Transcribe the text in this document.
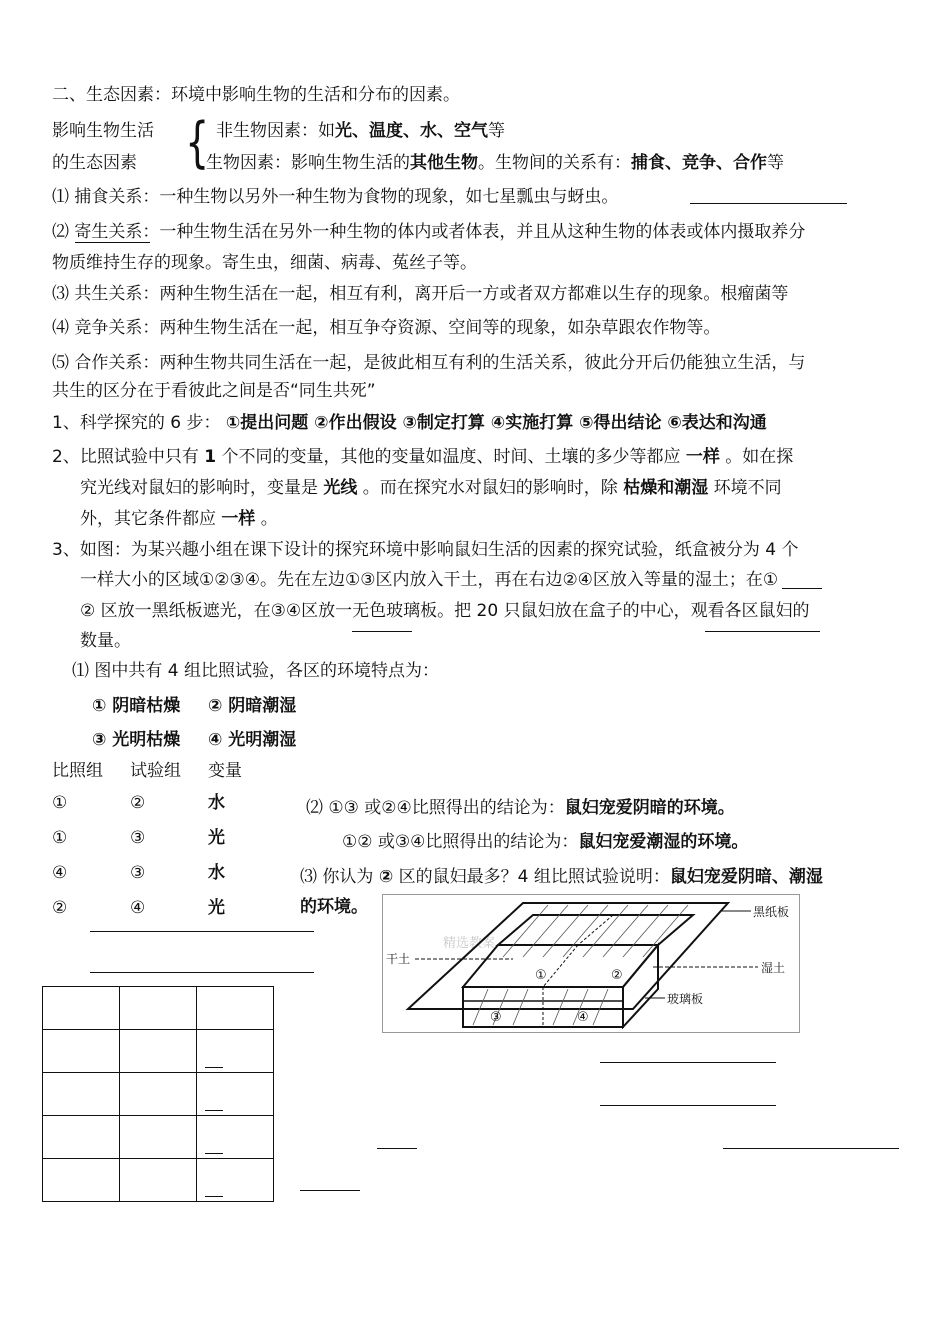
二、生态因素：环境中影响生物的生活和分布的因素。
影响生物生活
的生态因素 { 非生物因素：如光、温度、水、空气等
生物因素：影响生物生活的其他生物。生物间的关系有：捕食、竞争、合作等
⑴ 捕食关系：一种生物以另外一种生物为食物的现象，如七星瓢虫与蚜虫。
⑵ 寄生关系：一种生物生活在另外一种生物的体内或者体表，并且从这种生物的体表或体内摄取养分
物质维持生存的现象。寄生虫，细菌、病毒、菟丝子等。
⑶ 共生关系：两种生物生活在一起，相互有利，离开后一方或者双方都难以生存的现象。根瘤菌等
⑷ 竞争关系：两种生物生活在一起，相互争夺资源、空间等的现象，如杂草跟农作物等。
⑸ 合作关系：两种生物共同生活在一起，是彼此相互有利的生活关系，彼此分开后仍能独立生活，与
共生的区分在于看彼此之间是否“同生共死”
1、科学探究的 6 步： ①提出问题 ②作出假设 ③制定打算 ④实施打算 ⑤得出结论 ⑥表达和沟通
2、比照试验中只有 1 个不同的变量，其他的变量如温度、时间、土壤的多少等都应 一样 。如在探
究光线对鼠妇的影响时，变量是 光线 。而在探究水对鼠妇的影响时，除 枯燥和潮湿 环境不同
外，其它条件都应 一样 。
3、如图：为某兴趣小组在课下设计的探究环境中影响鼠妇生活的因素的探究试验，纸盒被分为 4 个
一样大小的区域①②③④。先在左边①③区内放入干土，再在右边②④区放入等量的湿土；在①
② 区放一黑纸板遮光，在③④区放一无色玻璃板。把 20 只鼠妇放在盒子的中心，观看各区鼠妇的
数量。
⑴ 图中共有 4 组比照试验，各区的环境特点为：
① 阴暗枯燥 ② 阴暗潮湿
③ 光明枯燥 ④ 光明潮湿
比照组 试验组 变量
①	②	水
①	③	光
④	③	水
②	④	光
⑵ ①③ 或②④比照得出的结论为：鼠妇宠爱阴暗的环境。
①② 或③④比照得出的结论为：鼠妇宠爱潮湿的环境。
⑶ 你认为 ② 区的鼠妇最多？4 组比照试验说明：鼠妇宠爱阴暗、潮湿
的环境。
精选教案
①	②
③	④
黑纸板
干土
湿土
玻璃板
